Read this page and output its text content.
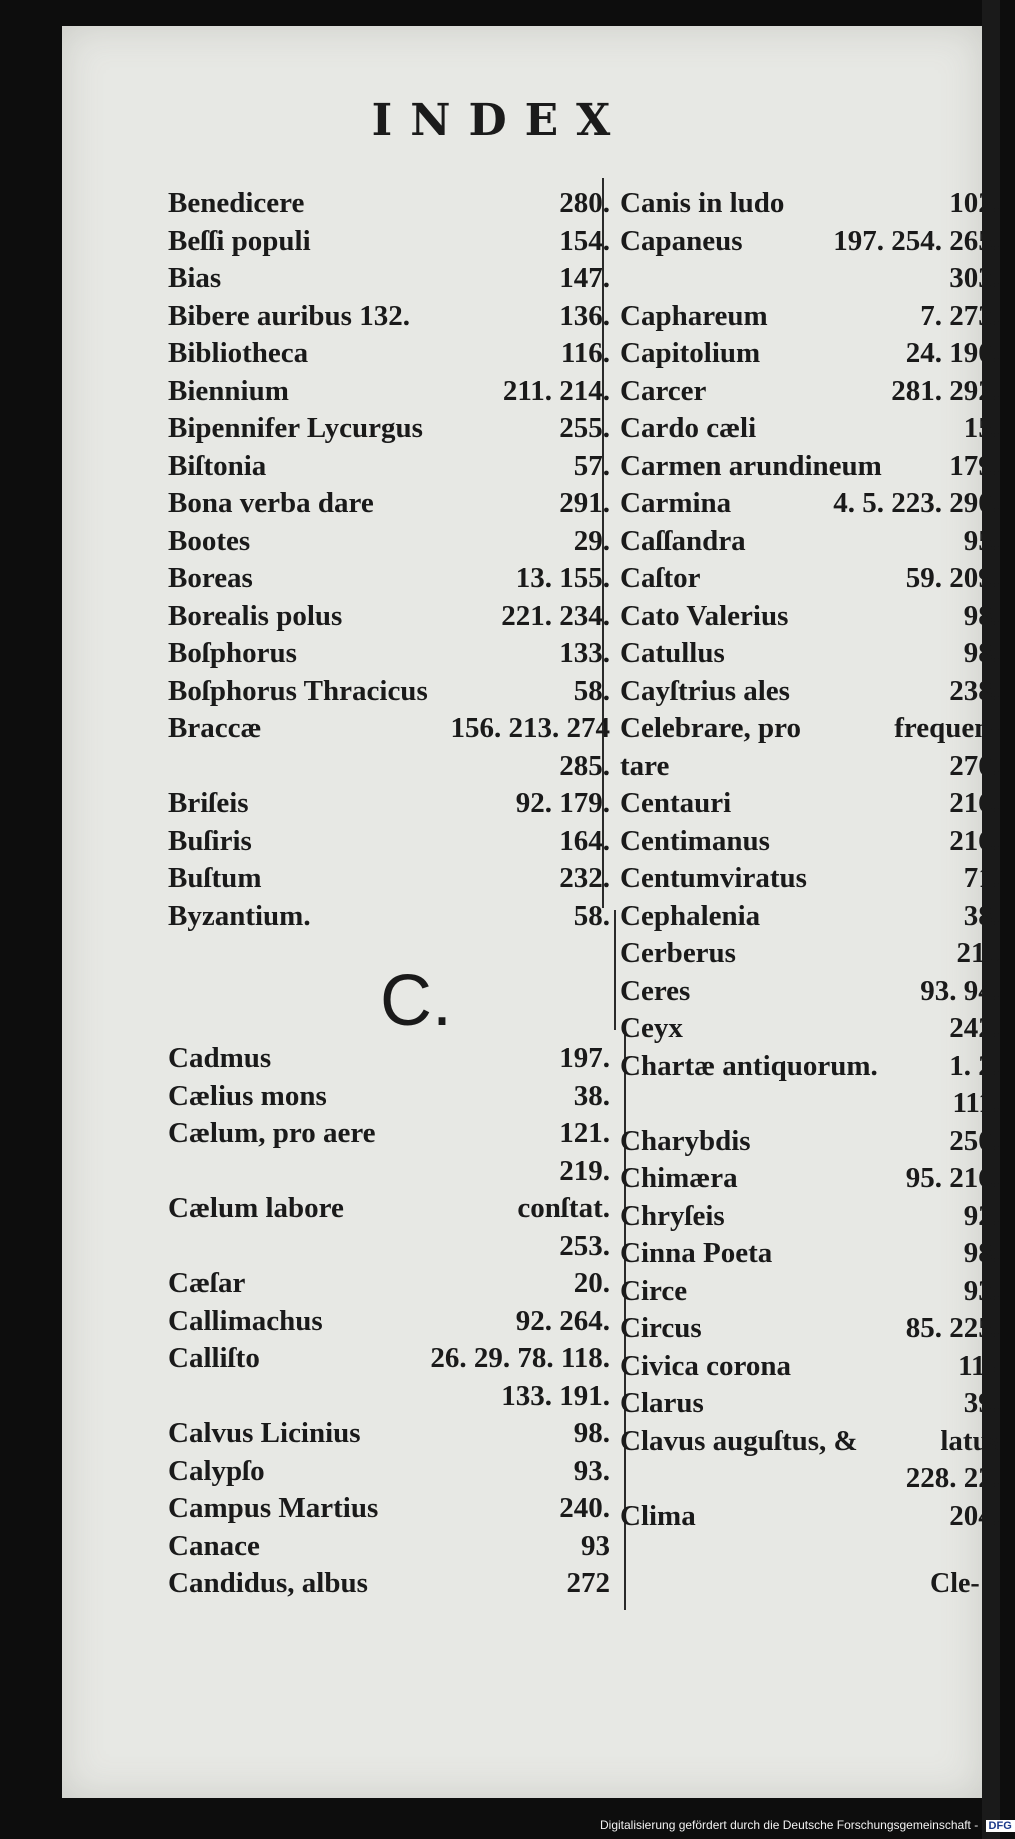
INDEX
Benedicere	280.
Beſſi populi	154.
Bias	147.
Bibere auribus 132.	136.
Bibliotheca	116.
Biennium	211. 214.
Bipennifer Lycurgus	255.
Biſtonia	57.
Bona verba dare	291.
Bootes	29.
Boreas	13. 155.
Borealis polus	221. 234.
Boſphorus	133.
Boſphorus Thracicus	58.
Braccæ	156. 213. 274
285.
Briſeis	92. 179.
Buſiris	164.
Buſtum	232.
Byzantium.	58.
C.
Cadmus	197.
Cælius mons	38.
Cælum, pro aere	121.
219.
Cælum labore	conſtat.
253.
Cæſar	20.
Callimachus	92. 264.
Calliſto	26. 29. 78. 118.
133. 191.
Calvus Licinius	98.
Calypſo	93.
Campus Martius	240.
Canace	93
Candidus, albus	272
Canis in ludo	102.
Capaneus	197. 254. 265.
303.
Caphareum	7. 273.
Capitolium	24. 190.
Carcer	281. 292.
Cardo cæli	15.
Carmen arundineum 179.
Carmina	4. 5. 223. 290.
Caſſandra	95.
Caſtor	59. 209.
Cato Valerius	98.
Catullus	98.
Cayſtrius ales	238.
Celebrare, pro	frequen-
tare	270.
Centauri	216.
Centimanus	216.
Centumviratus	71.
Cephalenia	38.
Cerberus	216
Ceres	93. 94.
Ceyx	242.
Chartæ antiquorum. 1. 2.
111.
Charybdis	250.
Chimæra	95. 216.
Chryſeis	92.
Cinna Poeta	98.
Circe	93.
Circus	85. 225.
Civica corona	115
Clarus	39.
Clavus auguſtus, &	latus
228. 22.
Clima	204.
Cle-
Digitalisierung gefördert durch die Deutsche Forschungsgemeinschaft - DFG
